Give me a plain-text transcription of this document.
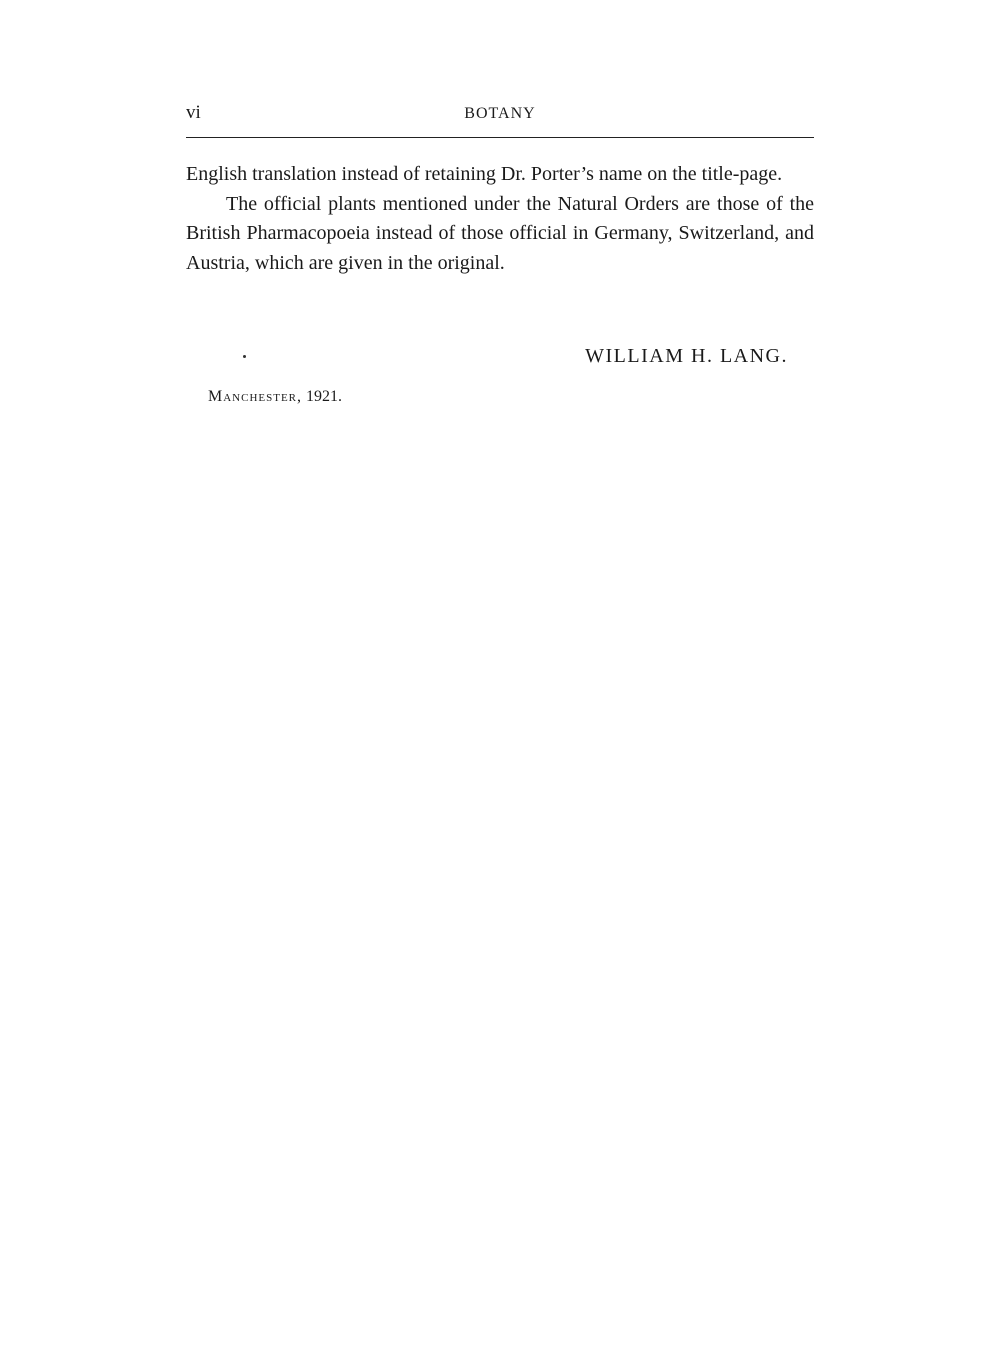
vi	BOTANY

English translation instead of retaining Dr. Porter’s name on the title-page.

The official plants mentioned under the Natural Orders are those of the British Pharmacopoeia instead of those official in Germany, Switzerland, and Austria, which are given in the original.

WILLIAM H. LANG.
Manchester, 1921.
